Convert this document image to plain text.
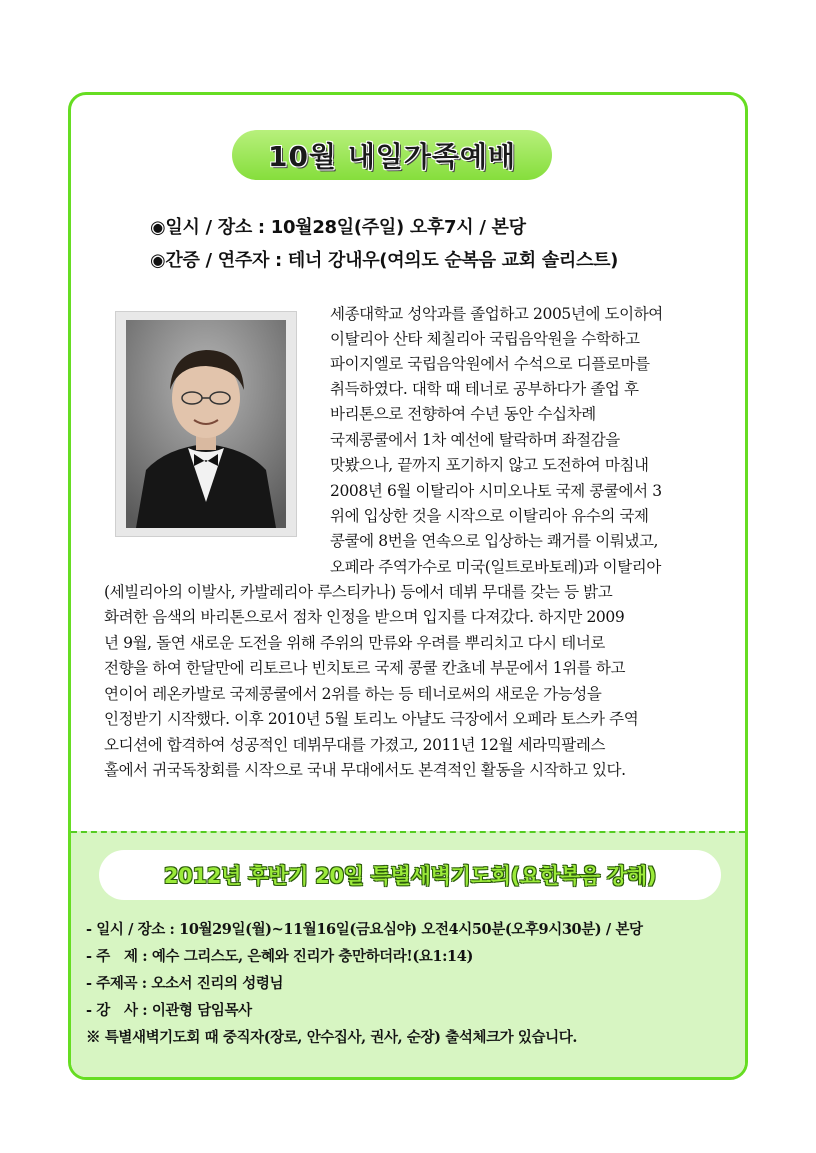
10월 내일가족예배
◉일시 / 장소 : 10월28일(주일) 오후7시 / 본당
◉간증 / 연주자 : 테너 강내우(여의도 순복음 교회 솔리스트)
세종대학교 성악과를 졸업하고 2005년에 도이하여
이탈리아 산타 체칠리아 국립음악원을 수학하고
파이지엘로 국립음악원에서 수석으로 디플로마를
취득하였다. 대학 때 테너로 공부하다가 졸업 후
바리톤으로 전향하여 수년 동안 수십차례
국제콩쿨에서 1차 예선에 탈락하며 좌절감을
맛봤으나, 끝까지 포기하지 않고 도전하여 마침내
2008년 6월 이탈리아 시미오나토 국제 콩쿨에서 3
위에 입상한 것을 시작으로 이탈리아 유수의 국제
콩쿨에 8번을 연속으로 입상하는 쾌거를 이뤄냈고,
오페라 주역가수로 미국(일트로바토레)과 이탈리아
(세빌리아의 이발사, 카발레리아 루스티카나) 등에서 데뷔 무대를 갖는 등 밝고
화려한 음색의 바리톤으로서 점차 인정을 받으며 입지를 다져갔다. 하지만 2009
년 9월, 돌연 새로운 도전을 위해 주위의 만류와 우려를 뿌리치고 다시 테너로
전향을 하여 한달만에 리토르나 빈치토르 국제 콩쿨 칸쵸네 부문에서 1위를 하고
연이어 레온카발로 국제콩쿨에서 2위를 하는 등 테너로써의 새로운 가능성을
인정받기 시작했다. 이후 2010년 5월 토리노 아냘도 극장에서 오페라 토스카 주역
오디션에 합격하여 성공적인 데뷔무대를 가졌고, 2011년 12월 세라믹팔레스
홀에서 귀국독창회를 시작으로 국내 무대에서도 본격적인 활동을 시작하고 있다.
2012년 후반기 20일 특별새벽기도회(요한복음 강해)
- 일시 / 장소 : 10월29일(월)~11월16일(금요심야) 오전4시50분(오후9시30분) / 본당
- 주　제 : 예수 그리스도, 은혜와 진리가 충만하더라!(요1:14)
- 주제곡 : 오소서 진리의 성령님
- 강　사 : 이관형 담임목사
※ 특별새벽기도회 때 중직자(장로, 안수집사, 권사, 순장) 출석체크가 있습니다.
